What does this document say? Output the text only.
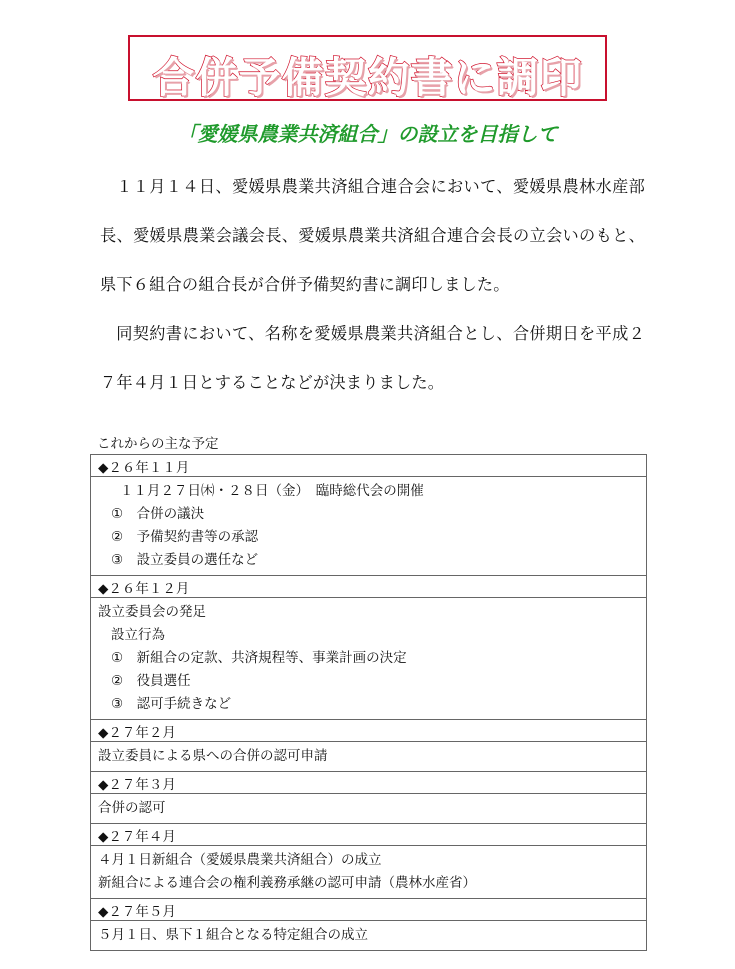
合併予備契約書に調印
「愛媛県農業共済組合」の設立を目指して

１１月１４日、愛媛県農業共済組合連合会において、愛媛県農林水産部長、愛媛県農業会議会長、愛媛県農業共済組合連合会長の立会いのもと、県下６組合の組合長が合併予備契約書に調印しました。

同契約書において、名称を愛媛県農業共済組合とし、合併期日を平成２７年４月１日とすることなどが決まりました。

これからの主な予定
◆２６年１１月

１１月２７日㈭・２８日（金）　臨時総代会の開催
①　合併の議決
②　予備契約書等の承認
③　設立委員の選任など

◆２６年１２月

設立委員会の発足
設立行為
①　新組合の定款、共済規程等、事業計画の決定
②　役員選任
③　認可手続きなど

◆２７年２月

設立委員による県への合併の認可申請

◆２７年３月

合併の認可

◆２７年４月

４月１日新組合（愛媛県農業共済組合）の成立
新組合による連合会の権利義務承継の認可申請（農林水産省）

◆２７年５月

５月１日、県下１組合となる特定組合の成立
